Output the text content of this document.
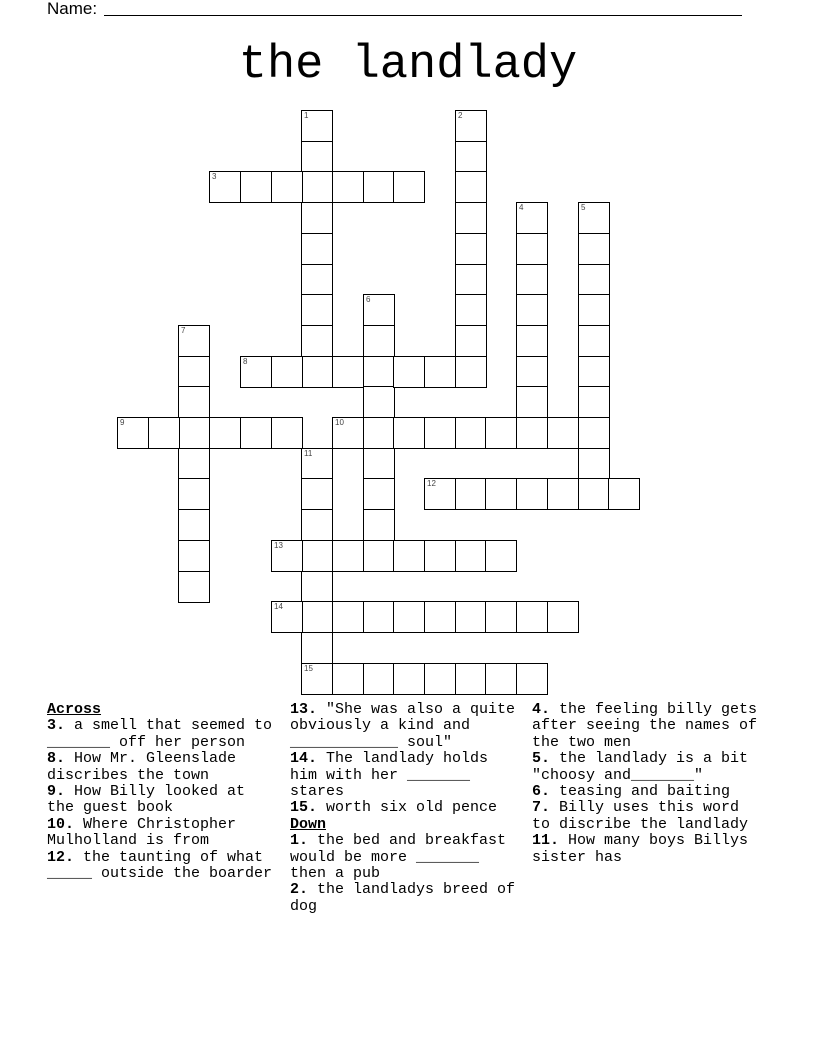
Name:
the landlady
1	2
3
4	5
6
7
8
9	10
11
12
13
14
15
Across
3. a smell that seemed to _______ off her person
8. How Mr. Gleenslade discribes the town
9. How Billy looked at the guest book
10. Where Christopher Mulholland is from
12. the taunting of what _____ outside the boarder
13. "She was also a quite obviously a kind and ____________ soul"
14. The landlady holds him with her _______ stares
15. worth six old pence
Down
1. the bed and breakfast would be more _______ then a pub
2. the landladys breed of dog
4. the feeling billy gets after seeing the names of the two men
5. the landlady is a bit "choosy and_______"
6. teasing and baiting
7. Billy uses this word to discribe the landlady
11. How many boys Billys sister has
